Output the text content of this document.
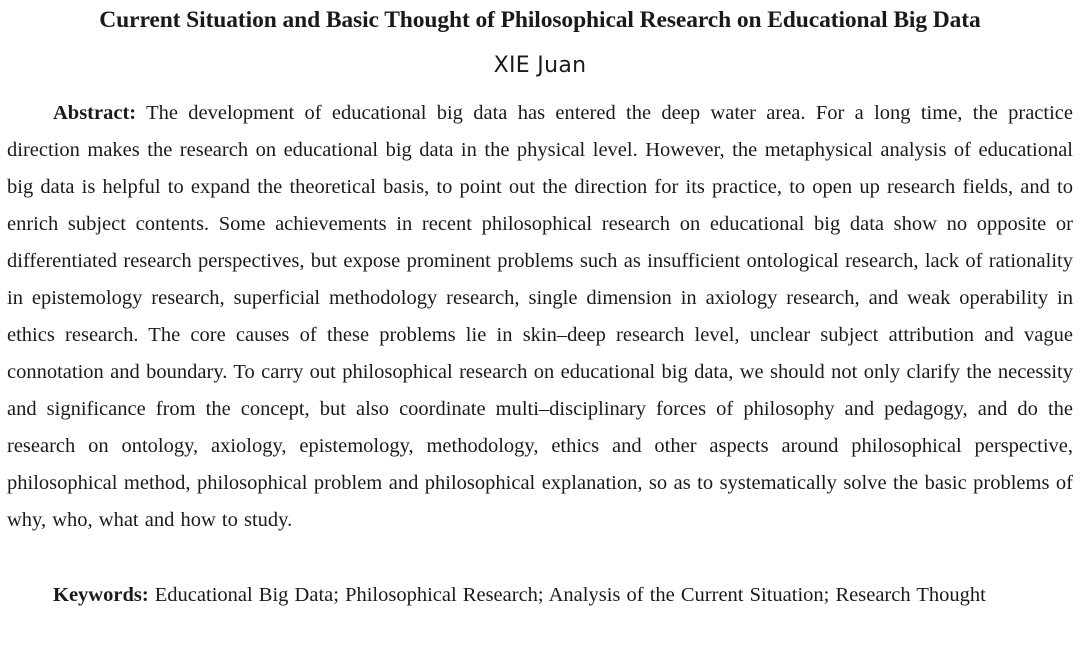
Current Situation and Basic Thought of Philosophical Research on Educational Big Data
XIE Juan

Abstract: The development of educational big data has entered the deep water area. For a long time, the practice direction makes the research on educational big data in the physical level. However, the metaphysical analysis of educational big data is helpful to expand the theoretical basis, to point out the direction for its practice, to open up research fields, and to enrich subject contents. Some achievements in recent philosophical research on educational big data show no opposite or differentiated research perspectives, but expose prominent problems such as insufficient ontological research, lack of rationality in epistemology research, superficial methodology research, single dimension in axiology research, and weak operability in ethics research. The core causes of these problems lie in skin–deep research level, unclear subject attribution and vague connotation and boundary. To carry out philosophical research on educational big data, we should not only clarify the necessity and significance from the concept, but also coordinate multi–disciplinary forces of philosophy and pedagogy, and do the research on ontology, axiology, epistemology, methodology, ethics and other aspects around philosophical perspective, philosophical method, philosophical problem and philosophical explanation, so as to systematically solve the basic problems of why, who, what and how to study.

Keywords: Educational Big Data; Philosophical Research; Analysis of the Current Situation; Research Thought
